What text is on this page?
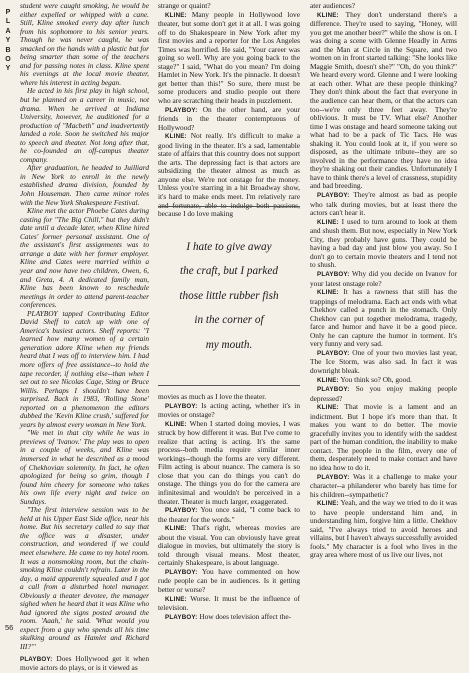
P
L
A
Y
B
O
Y

student were caught smoking, he would be either expelled or whipped with a cane. Still, Kline smoked every day after lunch from his sophomore to his senior years. Though he was never caught, he was smacked on the hands with a plastic bat for being smarter than some of the teachers and for passing notes in class. Kline spent his evenings at the local movie theater, where his interest in acting began.

He acted in his first play in high school, but he planned on a career in music, not drama. When he arrived at Indiana University, however, he auditioned for a production of "Macbeth" and inadvertently landed a role. Soon he switched his major to speech and theater. Not long after that, he co-founded an off-campus theater company.

After graduation, he headed to Juilliard in New York to enroll in the newly established drama division, founded by John Houseman. Then came minor roles with the New York Shakespeare Festival.

Kline met the actor Phoebe Cates during casting for "The Big Chill," but they didn't date until a decade later, when Kline hired Cates' former personal assistant. One of the assistant's first assignments was to arrange a date with her former employer. Kline and Cates were married within a year and now have two children, Owen, 6, and Greta, 4. A dedicated family man, Kline has been known to reschedule meetings in order to attend parent-teacher conferences.

PLAYBOY tapped Contributing Editor David Sheff to catch up with one of America's busiest actors. Sheff reports: "I learned how many women of a certain generation adore Kline when my friends heard that I was off to interview him. I had more offers of free assistance--to hold the tape recorder, if nothing else--than when I set out to see Nicolas Cage, Sting or Bruce Willis. Perhaps I shouldn't have been surprised. Back in 1983, 'Rolling Stone' reported on a phenomenon the editors dubbed the 'Kevin Kline crush,' suffered for years by almost every woman in New York.

"We met in that city while he was in previews of 'Ivanov.' The play was to open in a couple of weeks, and Kline was immersed in what he described as a mood of Chekhovian solemnity. In fact, he often apologized for being so grim, though I found him cheery for someone who takes his own life every night and twice on Sundays.

"The first interview session was to be held at his Upper East Side office, near his home. But his secretary called to say that the office was a disaster, under construction, and wondered if we could meet elsewhere. He came to my hotel room. It was a nonsmoking room, but the chain-smoking Kline couldn't refrain. Later in the day, a maid apparently squealed and I got a call from a disturbed hotel manager. Obviously a theater devotee, the manager sighed when he heard that it was Kline who had ignored the signs posted around the room. 'Aaah,' he said. 'What would you expect from a guy who spends all his time skulking around as Hamlet and Richard III?'"

PLAYBOY: Does Hollywood get it when movie actors do plays, or is it viewed as

strange or quaint?

KLINE: Many people in Hollywood love theater, but some don't get it at all. I was going off to do Shakespeare in New York after my first movies and a reporter for the Los Angeles Times was horrified. He said, "Your career was going so well. Why are you going back to the stage?" I said, "What do you mean? I'm doing Hamlet in New York. It's the pinnacle. It doesn't get better than this!" So sure, there must be some producers and studio people out there who are scratching their heads in puzzlement.

PLAYBOY: On the other hand, are your friends in the theater contemptuous of Hollywood?

KLINE: Not really. It's difficult to make a good living in the theater. It's a sad, lamentable state of affairs that this country does not support the arts. The depressing fact is that actors are subsidizing the theater almost as much as anyone else. We're not onstage for the money. Unless you're starring in a hit Broadway show, it's hard to make ends meet. I'm relatively rare and fortunate, able to indulge both passions, because I do love making

I hate to give away
the craft, but I parked
those little rubber fish
in the corner of
my mouth.

movies as much as I love the theater.

PLAYBOY: Is acting acting, whether it's in movies or onstage?

KLINE: When I started doing movies, I was struck by how different it was. But I've come to realize that acting is acting. It's the same process--both media require similar inner workings--though the forms are very different. Film acting is about nuance. The camera is so close that you can do things you can't do onstage. The things you do for the camera are infinitesimal and wouldn't be perceived in a theater. Theater is much larger, exaggerated.

PLAYBOY: You once said, "I come back to the theater for the words."

KLINE: That's right, whereas movies are about the visual. You can obviously have great dialogue in movies, but ultimately the story is told through visual means. Most theater, certainly Shakespeare, is about language.

PLAYBOY: You have commented on how rude people can be in audiences. Is it getting better or worse?

KLINE: Worse. It must be the influence of television.

PLAYBOY: How does television affect the-

ater audiences?

KLINE: They don't understand there's a difference. They're used to saying, "Honey, will you get me another beer?" while the show is on. I was doing a scene with Glenne Headly in Arms and the Man at Circle in the Square, and two women on in front started talking: "She looks like Maggie Smith, doesn't she?" "Oh, do you think?" We heard every word. Glenne and I were looking at each other. What are these people thinking? They don't think about the fact that everyone in the audience can hear them, or that the actors can too--we're only three feet away. They're oblivious. It must be TV. What else? Another time I was onstage and heard someone taking out what had to be a pack of Tic Tacs. He was shaking it. You could look at it, if you were so disposed, as the ultimate tribute--they are so involved in the performance they have no idea they're shaking out their candies. Unfortunately I have to think there's a level of crassness, stupidity and bad breeding.

PLAYBOY: They're almost as bad as people who talk during movies, but at least there the actors can't hear it.

KLINE: I used to turn around to look at them and shush them. But now, especially in New York City, they probably have guns. They could be having a bad day and just blow you away. So I don't go to certain movie theaters and I tend not to shush.

PLAYBOY: Why did you decide on Ivanov for your latest onstage role?

KLINE: It has a rawness that still has the trappings of melodrama. Each act ends with what Chekhov called a punch in the stomach. Only Chekhov can put together melodrama, tragedy, farce and humor and have it be a good piece. Only he can capture the humor in torment. It's very funny and very sad.

PLAYBOY: One of your two movies last year, The Ice Storm, was also sad. In fact it was downright bleak.

KLINE: You think so? Oh, good.

PLAYBOY: So you enjoy making people depressed?

KLINE: That movie is a lament and an indictment. But I hope it's more than that. It makes you want to do better. The movie gracefully invites you to identify with the saddest part of the human condition, the inability to make contact. The people in the film, every one of them, desperately need to make contact and have no idea how to do it.

PLAYBOY: Was it a challenge to make your character--a philanderer who barely has time for his children--sympathetic?

KLINE: Yeah, and the way we tried to do it was to have people understand him and, in understanding him, forgive him a little. Chekhov said, "I've always tried to avoid heroes and villains, but I haven't always successfully avoided fools." My character is a fool who lives in the gray area where most of us live our lives, not

56
